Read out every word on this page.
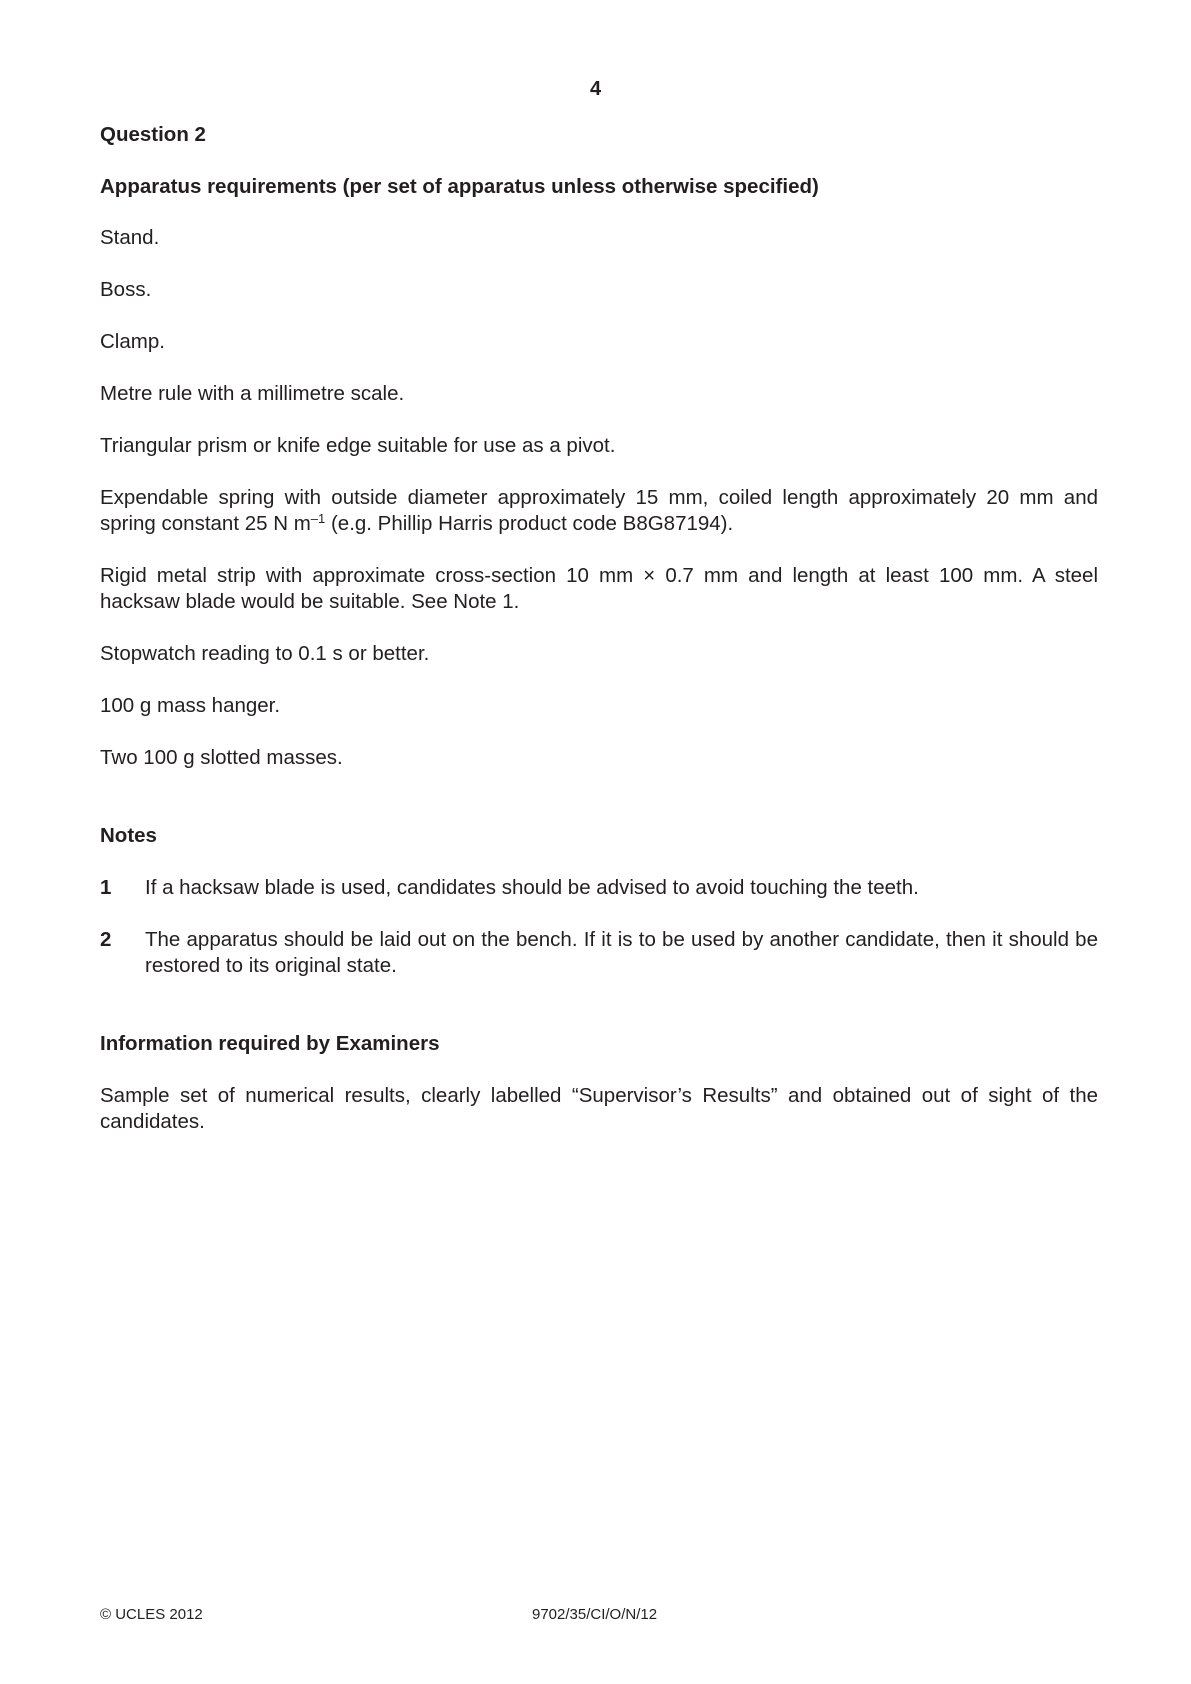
4

Question 2

Apparatus requirements (per set of apparatus unless otherwise specified)

Stand.

Boss.

Clamp.

Metre rule with a millimetre scale.

Triangular prism or knife edge suitable for use as a pivot.

Expendable spring with outside diameter approximately 15 mm, coiled length approximately 20 mm and spring constant 25 N $m^{-1}$ (e.g. Phillip Harris product code B8G87194).

Rigid metal strip with approximate cross-section 10 mm × 0.7 mm and length at least 100 mm. A steel hacksaw blade would be suitable. See Note 1.

Stopwatch reading to 0.1 s or better.

100 g mass hanger.

Two 100 g slotted masses.

Notes

1	If a hacksaw blade is used, candidates should be advised to avoid touching the teeth.
2	The apparatus should be laid out on the bench. If it is to be used by another candidate, then it should be restored to its original state.

Information required by Examiners

Sample set of numerical results, clearly labelled “Supervisor’s Results” and obtained out of sight of the candidates.

© UCLES 2012	9702/35/CI/O/N/12
